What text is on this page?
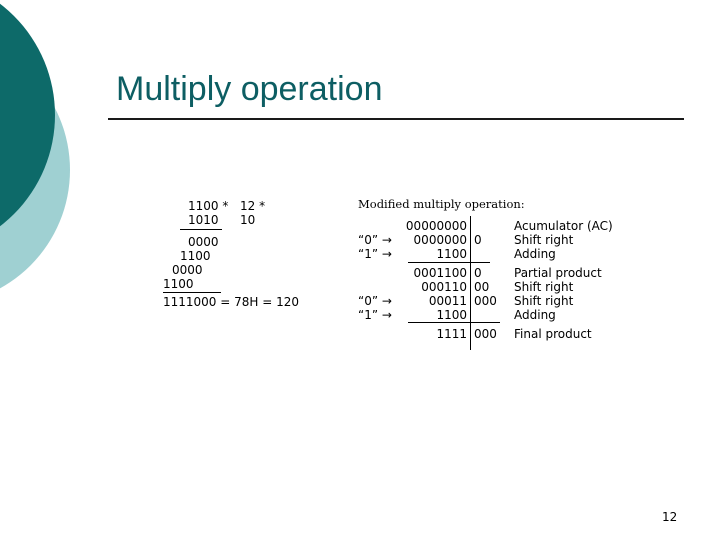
Multiply operation
1100 * 12 *
1010 10
0000
1100
0000
1100
1111000 = 78H = 120
Modified multiply operation:
“0” →
“1” →
“0” →
“1” →
00000000
0000000
1100
0001100
000110
00011
1100
1111
0
0
00
000
000
Acumulator (AC)
Shift right
Adding
Partial product
Shift right
Shift right
Adding
Final product
12
